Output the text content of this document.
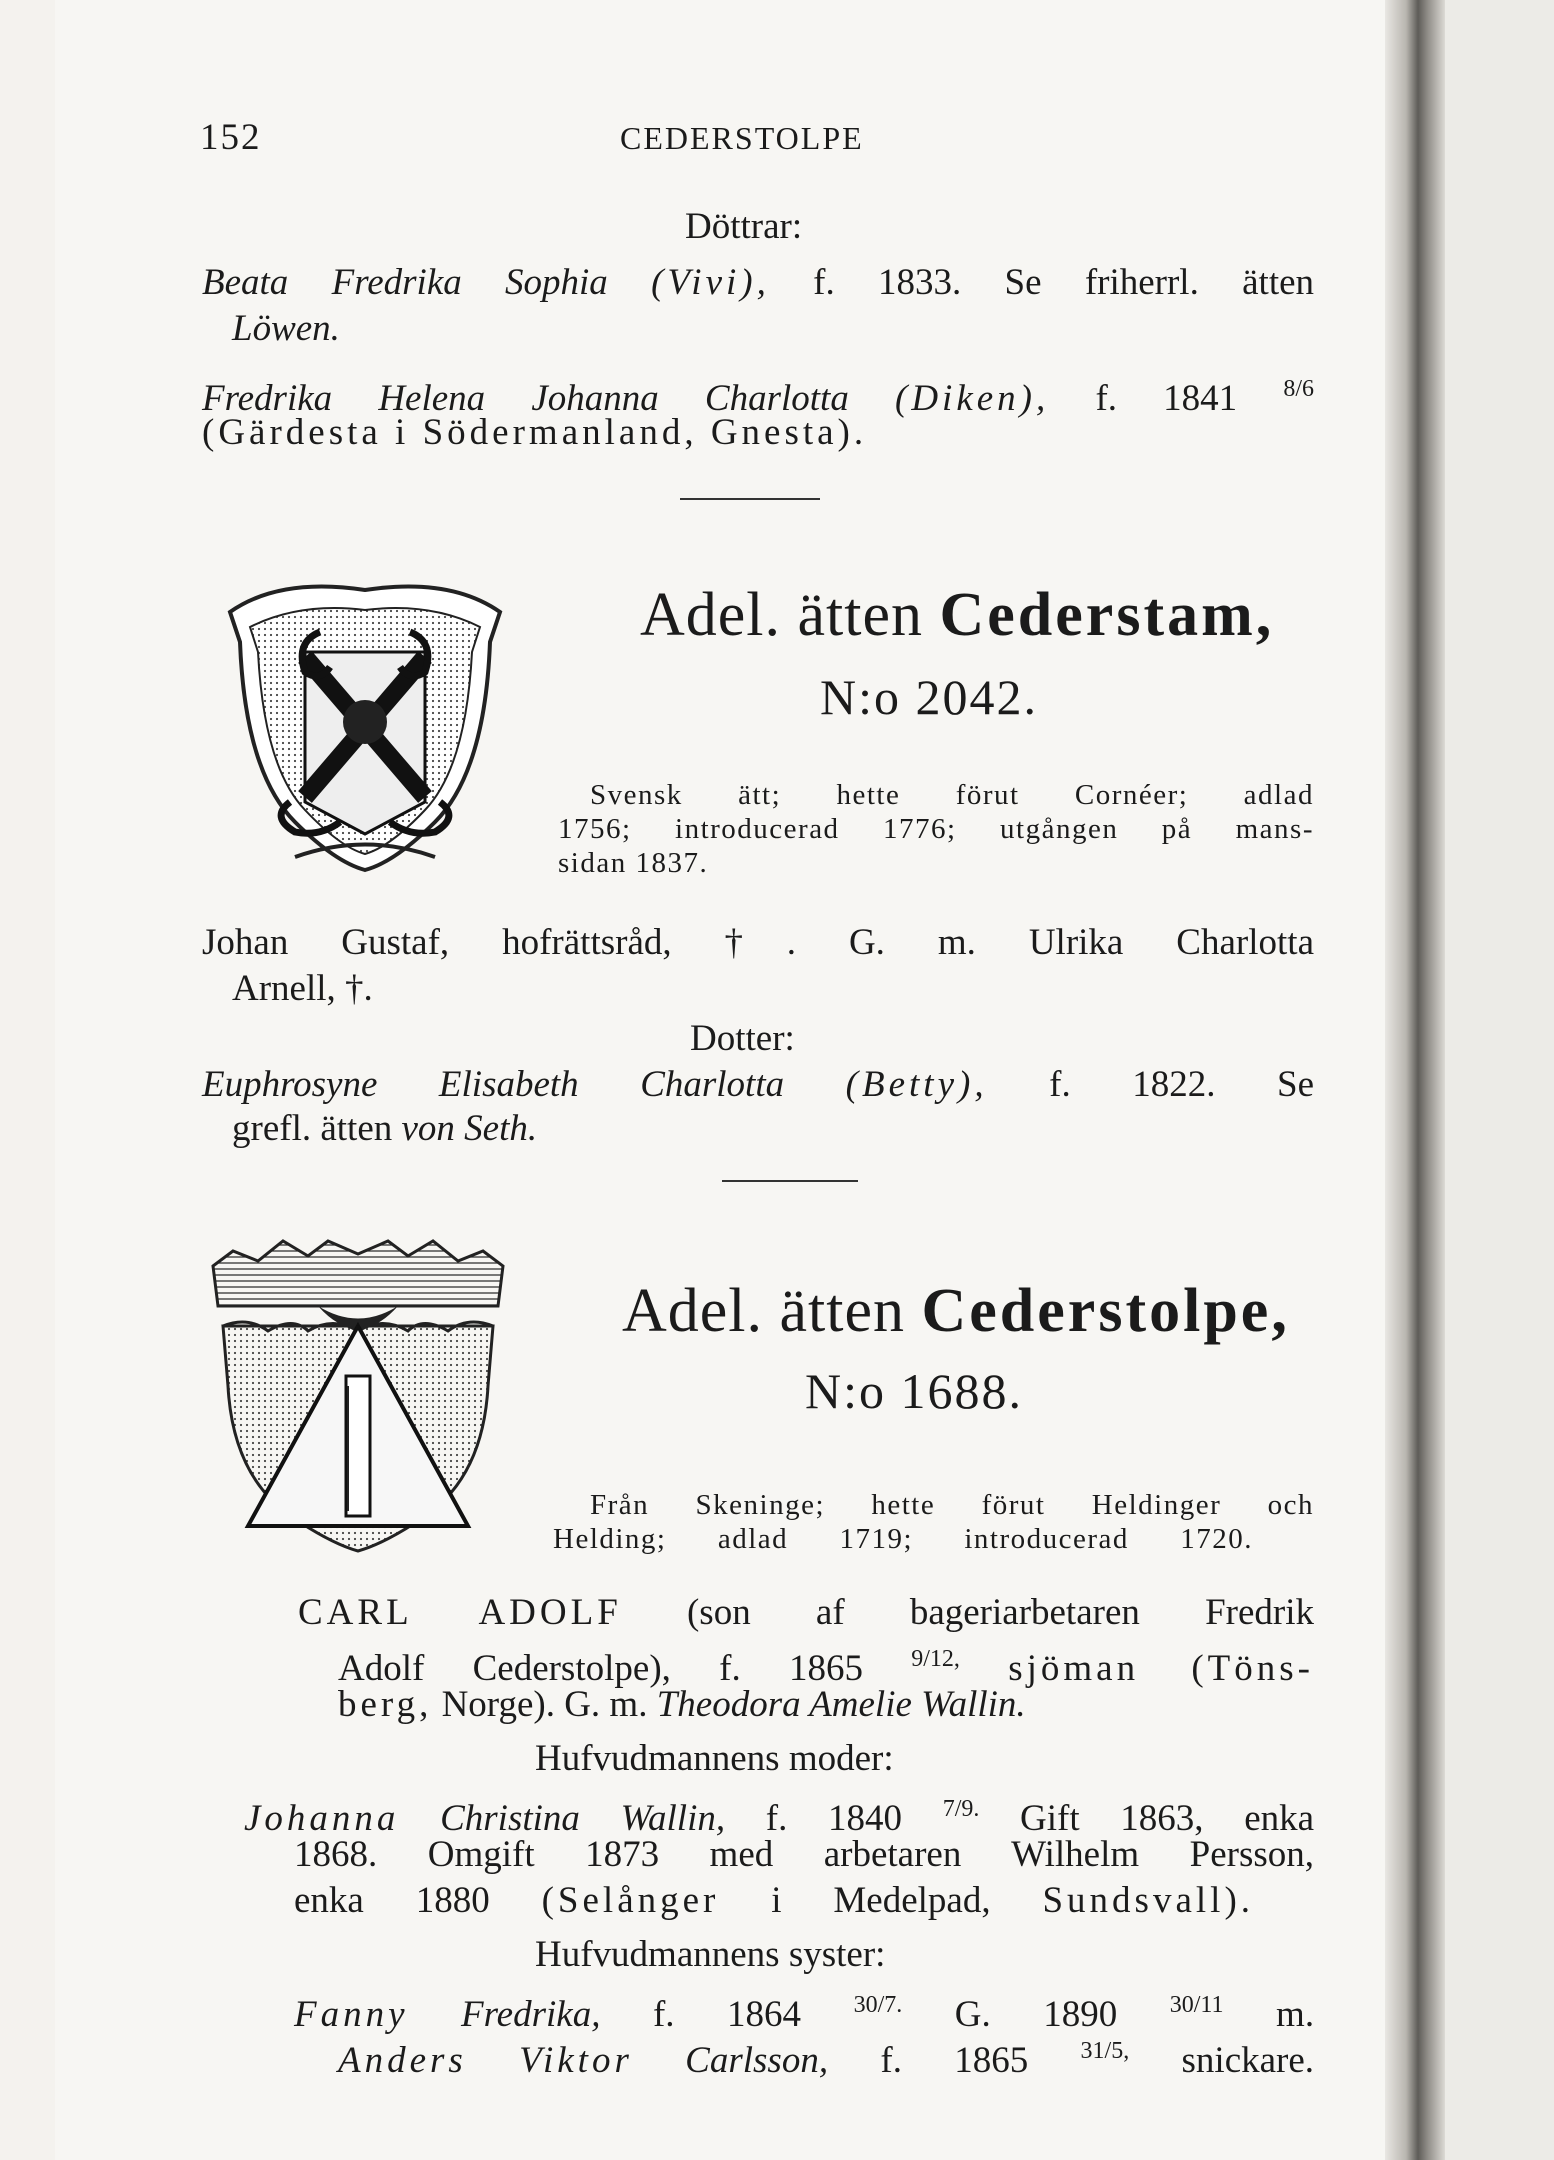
152	CEDERSTOLPE
Döttrar:
Beata Fredrika Sophia (Vivi), f. 1833. Se friherrl. ätten
Löwen.
Fredrika Helena Johanna Charlotta (Diken), f. 1841 $^{8/6}$
(Gärdesta i Södermanland, Gnesta).
Adel. ätten Cederstam,
N:o 2042.
Svensk ätt; hette förut Cornéer; adlad
1756; introducerad 1776; utgången på mans-
sidan 1837.
Johan Gustaf, hofrättsråd, †. G. m. Ulrika Charlotta
Arnell, †.
Dotter:
Euphrosyne Elisabeth Charlotta (Betty), f. 1822. Se
grefl. ätten von Seth.
Adel. ätten Cederstolpe,
N:o 1688.
Från Skeninge; hette förut Heldinger och
Helding; adlad 1719; introducerad 1720.
CARL ADOLF (son af bageriarbetaren Fredrik
Adolf Cederstolpe), f. 1865 $^{9/12,}$ sjöman (Töns-
berg, Norge). G. m. Theodora Amelie Wallin.
Hufvudmannens moder:
Johanna Christina Wallin, f. 1840 $^{7/9.}$ Gift 1863, enka
1868. Omgift 1873 med arbetaren Wilhelm Persson,
enka 1880 (Selånger i Medelpad, Sundsvall).
Hufvudmannens syster:
Fanny Fredrika, f. 1864 $^{30/7.}$ G. 1890 $^{30/11}$ m.
Anders Viktor Carlsson, f. 1865 $^{31/5,}$ snickare.
